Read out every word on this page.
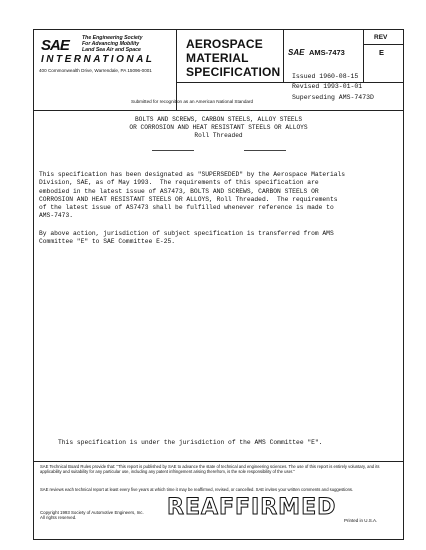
SAE	The Engineering Society
For Advancing Mobility
Land Sea Air and Space
INTERNATIONAL
400 Commonwealth Drive, Warrendale, PA 15096-0001
AEROSPACE
MATERIAL
SPECIFICATION
SAE AMS-7473
REV
E
Issued 1960-08-15
Revised 1993-01-01
Superseding AMS-7473D
Submitted for recognition as an American National Standard
BOLTS AND SCREWS, CARBON STEELS, ALLOY STEELS
OR CORROSION AND HEAT RESISTANT STEELS OR ALLOYS
Roll Threaded
This specification has been designated as "SUPERSEDED" by the Aerospace Materials
Division, SAE, as of May 1993.  The requirements of this specification are
embodied in the latest issue of AS7473, BOLTS AND SCREWS, CARBON STEELS OR
CORROSION AND HEAT RESISTANT STEELS OR ALLOYS, Roll Threaded.  The requirements
of the latest issue of AS7473 shall be fulfilled whenever reference is made to
AMS-7473.
By above action, jurisdiction of subject specification is transferred from AMS
Committee "E" to SAE Committee E-25.
This specification is under the jurisdiction of the AMS Committee "E".
SAE Technical Board Rules provide that: "This report is published by SAE to advance the state of technical and engineering sciences. The use of this report is entirely voluntary, and its applicability and suitability for any particular use, including any patent infringement arising therefrom, is the sole responsibility of the user."
SAE reviews each technical report at least every five years at which time it may be reaffirmed, revised, or cancelled. SAE invites your written comments and suggestions.
Copyright 1993 Society of Automotive Engineers, Inc.
All rights reserved.	REAFFIRMED
Printed in U.S.A.
